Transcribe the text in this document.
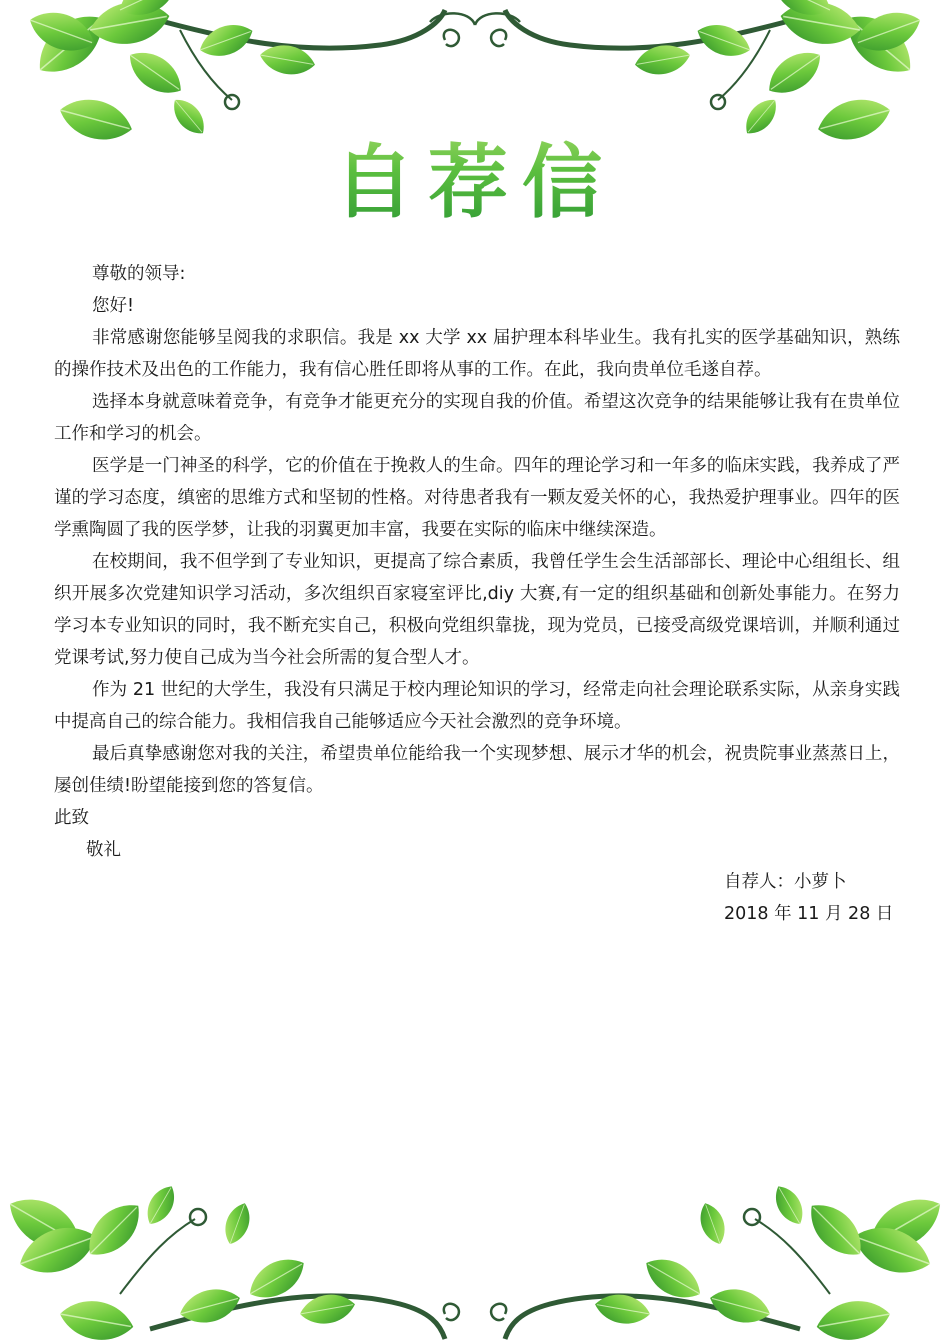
自荐信

尊敬的领导:

您好!

非常感谢您能够呈阅我的求职信。我是 xx 大学 xx 届护理本科毕业生。我有扎实的医学基础知识，熟练的操作技术及出色的工作能力，我有信心胜任即将从事的工作。在此，我向贵单位毛遂自荐。

选择本身就意味着竞争，有竞争才能更充分的实现自我的价值。希望这次竞争的结果能够让我有在贵单位工作和学习的机会。

医学是一门神圣的科学，它的价值在于挽救人的生命。四年的理论学习和一年多的临床实践，我养成了严谨的学习态度，缜密的思维方式和坚韧的性格。对待患者我有一颗友爱关怀的心，我热爱护理事业。四年的医学熏陶圆了我的医学梦，让我的羽翼更加丰富，我要在实际的临床中继续深造。

在校期间，我不但学到了专业知识，更提高了综合素质，我曾任学生会生活部部长、理论中心组组长、组织开展多次党建知识学习活动，多次组织百家寝室评比,diy 大赛,有一定的组织基础和创新处事能力。在努力学习本专业知识的同时，我不断充实自己，积极向党组织靠拢，现为党员，已接受高级党课培训，并顺利通过党课考试,努力使自己成为当今社会所需的复合型人才。

作为 21 世纪的大学生，我没有只满足于校内理论知识的学习，经常走向社会理论联系实际，从亲身实践中提高自己的综合能力。我相信我自己能够适应今天社会激烈的竞争环境。

最后真挚感谢您对我的关注，希望贵单位能给我一个实现梦想、展示才华的机会，祝贵院事业蒸蒸日上，屡创佳绩!盼望能接到您的答复信。

此致

敬礼

自荐人：小萝卜
2018 年 11 月 28 日
